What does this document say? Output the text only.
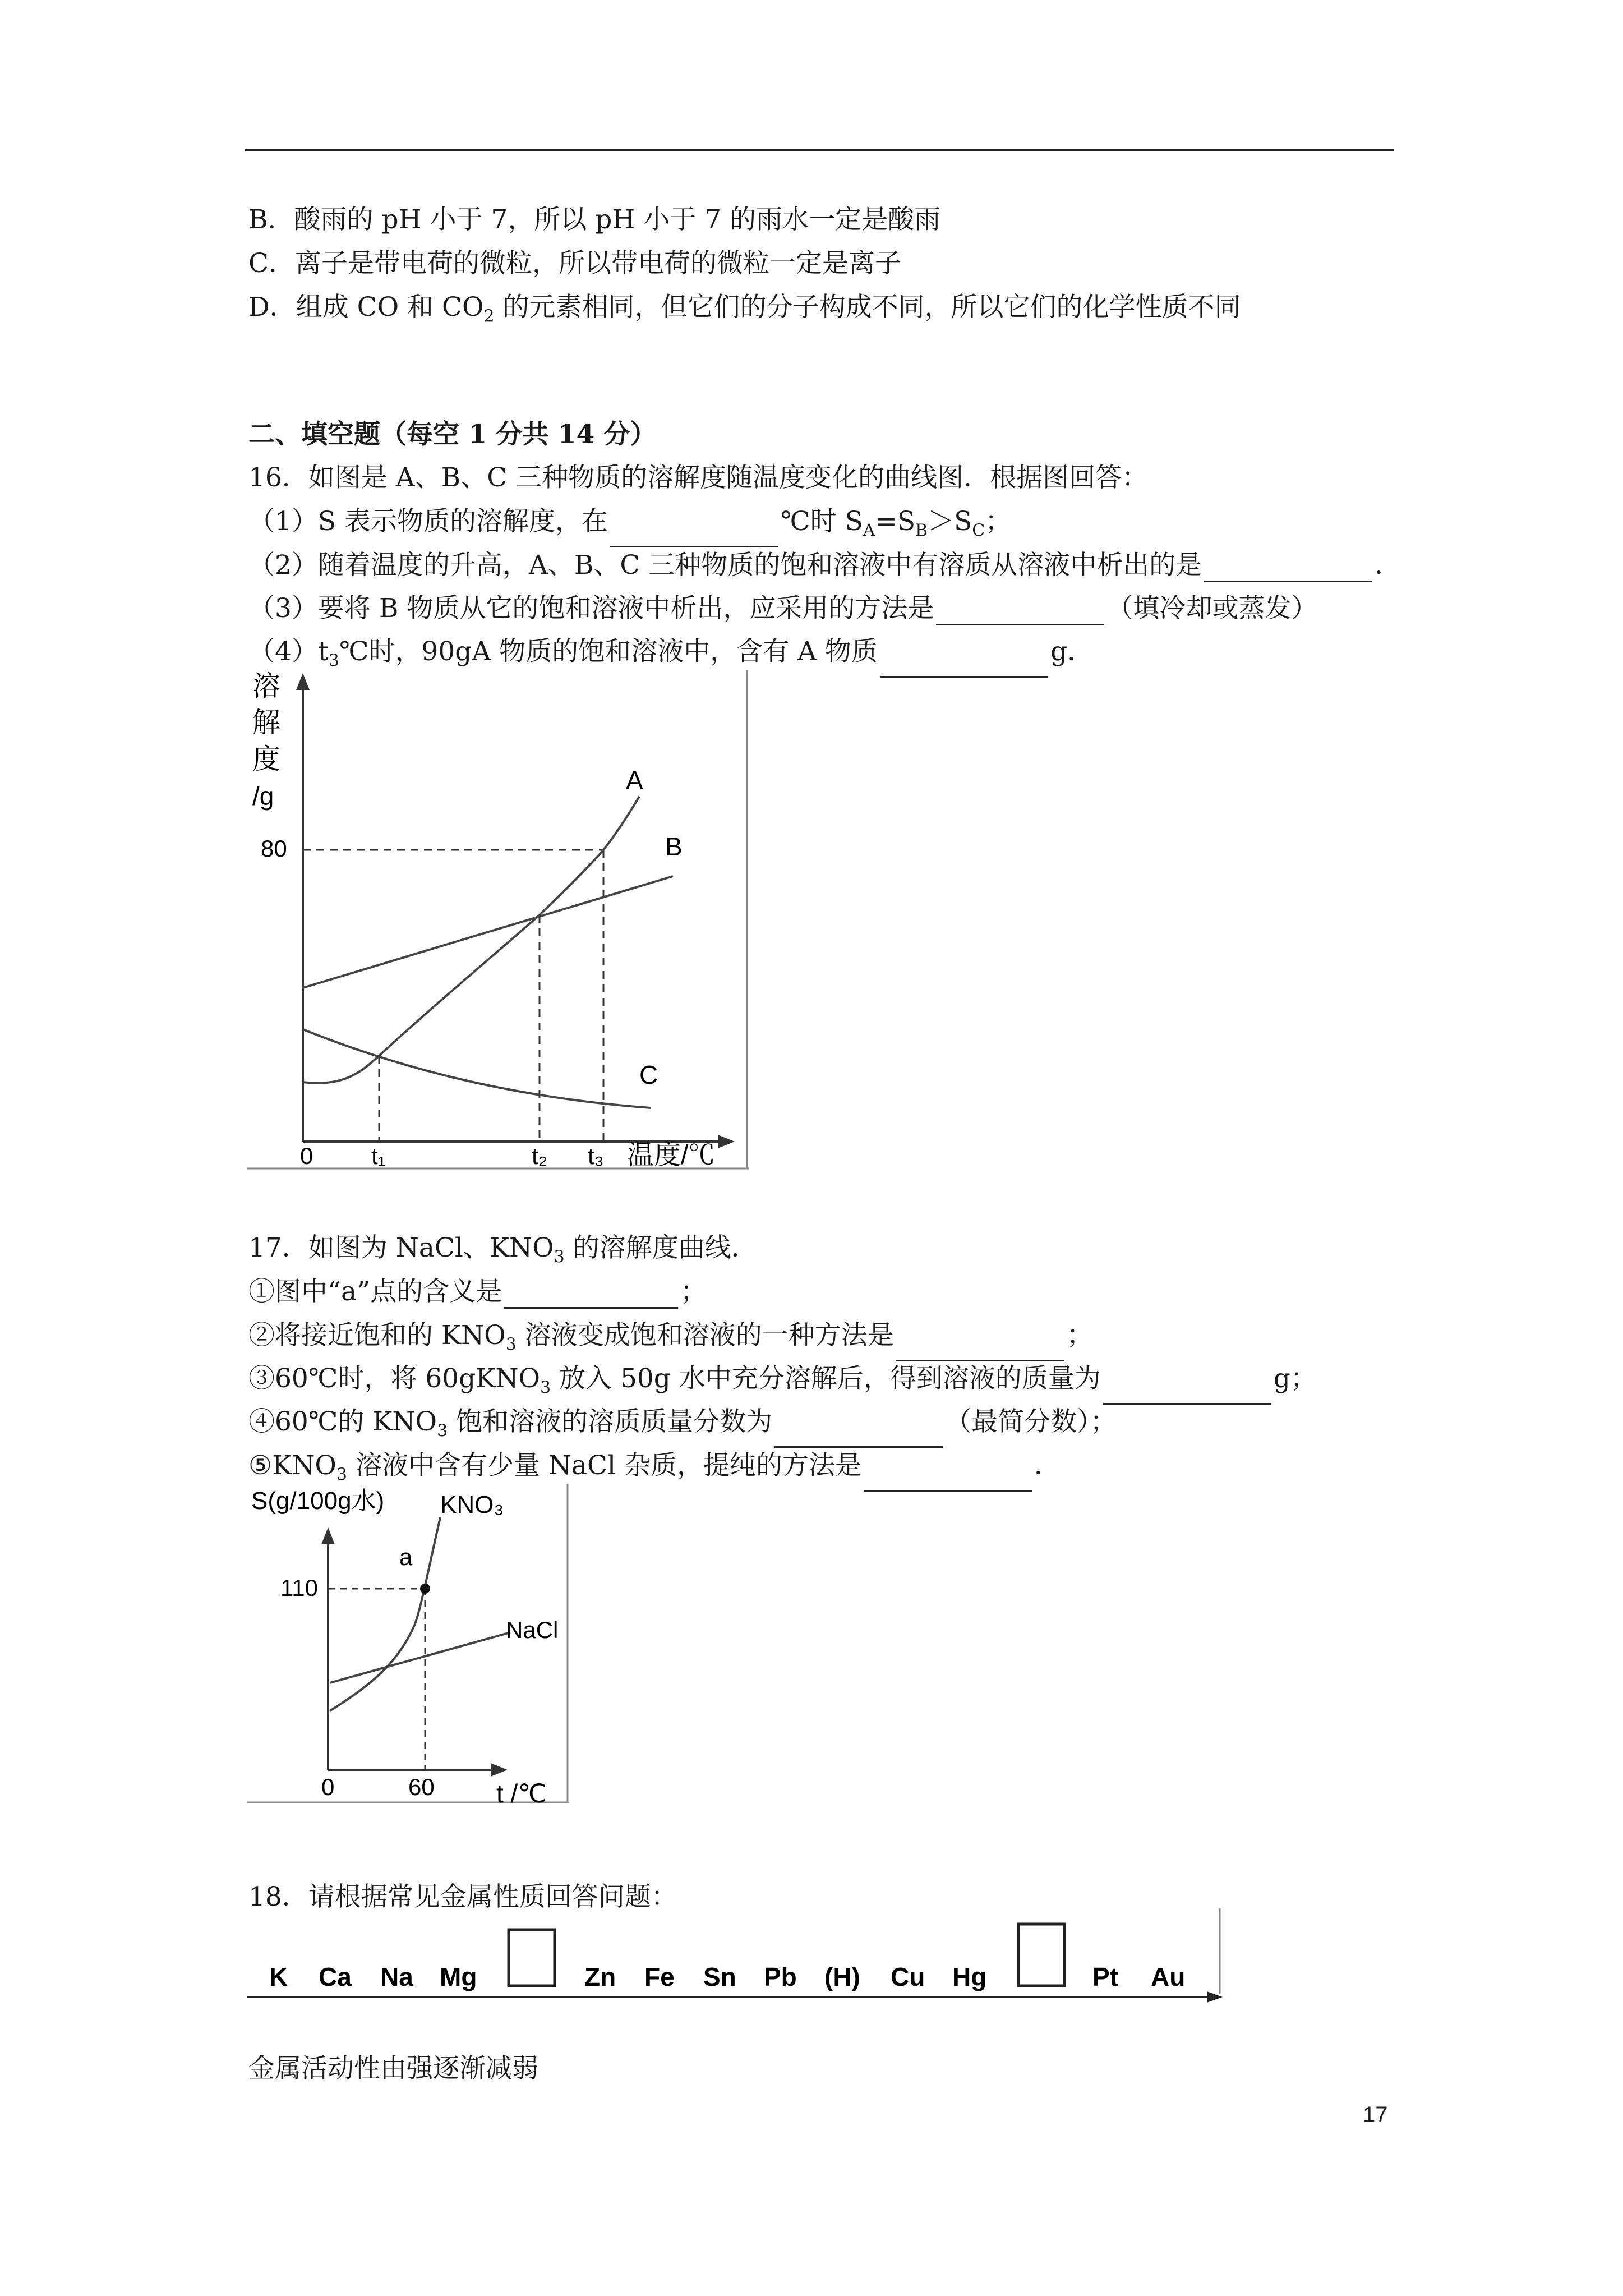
B．酸雨的 pH 小于 7，所以 pH 小于 7 的雨水一定是酸雨
C．离子是带电荷的微粒，所以带电荷的微粒一定是离子
D．组成 CO 和 $CO_2$ 的元素相同，但它们的分子构成不同，所以它们的化学性质不同
二、填空题（每空 1 分共 14 分）
16．如图是 A、B、C 三种物质的溶解度随温度变化的曲线图．根据图回答：
（1）S 表示物质的溶解度，在	℃时 $S_A=S_B>S_C$；
（2）随着温度的升高，A、B、C 三种物质的饱和溶液中有溶质从溶液中析出的是	．
（3）要将 B 物质从它的饱和溶液中析出，应采用的方法是	（填冷却或蒸发）
$(4)t_3℃$时，90gA 物质的饱和溶液中，含有 A 物质	g．
溶
解
度
/g
80
A
B
C
0 t₁	t₂ t₃ 温度/℃
17．如图为 NaCl、$KNO_3$ 的溶解度曲线．
①图中“a”点的含义是	；
②将接近饱和的 $KNO_3$ 溶液变成饱和溶液的一种方法是	；
③60℃时，将 60gKNO$_3$ 放入 50g 水中充分溶解后，得到溶液的质量为	g；
④60℃的 $KNO_3$ 饱和溶液的溶质质量分数为	（最简分数）；
$⑤KNO_3$ 溶液中含有少量 NaCl 杂质，提纯的方法是	．
S(g/100g水) KNO₃
a
110
NaCl
0	60 t /℃
18．请根据常见金属性质回答问题：
K Ca Na Mg	Zn Fe Sn Pb (H) Cu Hg	Pt Au
金属活动性由强逐渐减弱
17
